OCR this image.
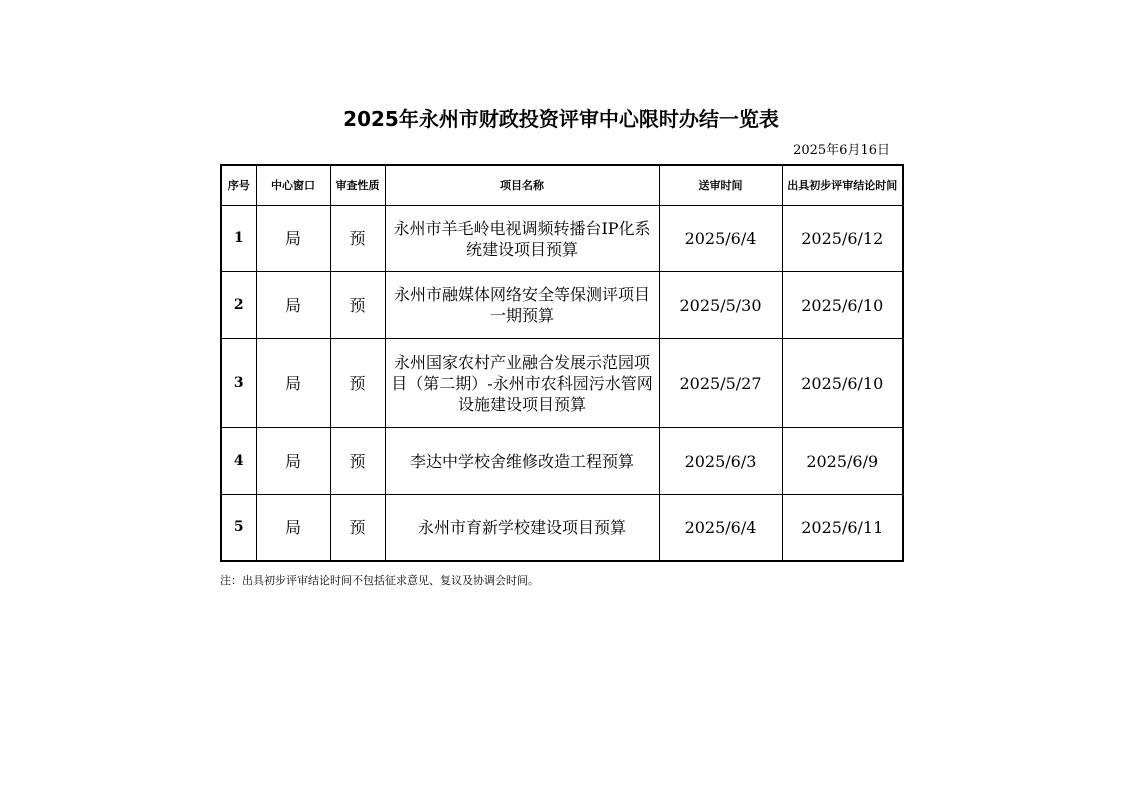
2025年永州市财政投资评审中心限时办结一览表
2025年6月16日
序号	中心窗口	审查性质	项目名称	送审时间	出具初步评审结论时间
1	局	预	永州市羊毛岭电视调频转播台IP化系统建设项目预算	2025/6/4	2025/6/12
2	局	预	永州市融媒体网络安全等保测评项目一期预算	2025/5/30	2025/6/10
3	局	预	永州国家农村产业融合发展示范园项目（第二期）-永州市农科园污水管网设施建设项目预算	2025/5/27	2025/6/10
4	局	预	李达中学校舍维修改造工程预算	2025/6/3	2025/6/9
5	局	预	永州市育新学校建设项目预算	2025/6/4	2025/6/11
注：出具初步评审结论时间不包括征求意见、复议及协调会时间。
